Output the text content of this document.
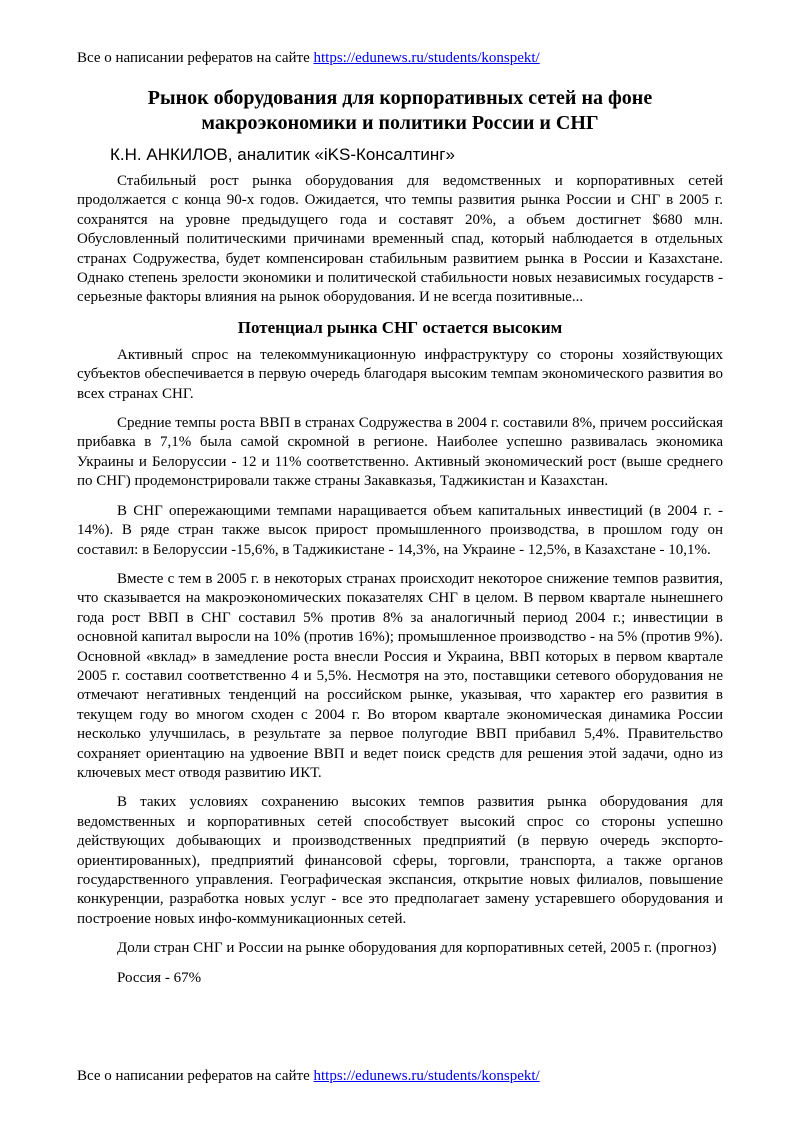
Все о написании рефератов на сайте https://edunews.ru/students/konspekt/
Рынок оборудования для корпоративных сетей на фоне макроэкономики и политики России и СНГ
К.Н. АНКИЛОВ, аналитик «iKS-Консалтинг»

Стабильный рост рынка оборудования для ведомственных и корпоративных сетей продолжается с конца 90-х годов. Ожидается, что темпы развития рынка России и СНГ в 2005 г. сохранятся на уровне предыдущего года и составят 20%, а объем достигнет $680 млн. Обусловленный политическими причинами временный спад, который наблюдается в отдельных странах Содружества, будет компенсирован стабильным развитием рынка в России и Казахстане. Однако степень зрелости экономики и политической стабильности новых независимых государств - серьезные факторы влияния на рынок оборудования. И не всегда позитивные...

Потенциал рынка СНГ остается высоким

Активный спрос на телекоммуникационную инфраструктуру со стороны хозяйствующих субъектов обеспечивается в первую очередь благодаря высоким темпам экономического развития во всех странах СНГ.

Средние темпы роста ВВП в странах Содружества в 2004 г. составили 8%, причем российская прибавка в 7,1% была самой скромной в регионе. Наиболее успешно развивалась экономика Украины и Белоруссии - 12 и 11% соответственно. Активный экономический рост (выше среднего по СНГ) продемонстрировали также страны Закавказья, Таджикистан и Казахстан.

В СНГ опережающими темпами наращивается объем капитальных инвестиций (в 2004 г. - 14%). В ряде стран также высок прирост промышленного производства, в прошлом году он составил: в Белоруссии -15,6%, в Таджикистане - 14,3%, на Украине - 12,5%, в Казахстане - 10,1%.

Вместе с тем в 2005 г. в некоторых странах происходит некоторое снижение темпов развития, что сказывается на макроэкономических показателях СНГ в целом. В первом квартале нынешнего года рост ВВП в СНГ составил 5% против 8% за аналогичный период 2004 г.; инвестиции в основной капитал выросли на 10% (против 16%); промышленное производство - на 5% (против 9%). Основной «вклад» в замедление роста внесли Россия и Украина, ВВП которых в первом квартале 2005 г. составил соответственно 4 и 5,5%. Несмотря на это, поставщики сетевого оборудования не отмечают негативных тенденций на российском рынке, указывая, что характер его развития в текущем году во многом сходен с 2004 г. Во втором квартале экономическая динамика России несколько улучшилась, в результате за первое полугодие ВВП прибавил 5,4%. Правительство сохраняет ориентацию на удвоение ВВП и ведет поиск средств для решения этой задачи, одно из ключевых мест отводя развитию ИКТ.

В таких условиях сохранению высоких темпов развития рынка оборудования для ведомственных и корпоративных сетей способствует высокий спрос со стороны успешно действующих добывающих и производственных предприятий (в первую очередь экспорто-ориентированных), предприятий финансовой сферы, торговли, транспорта, а также органов государственного управления. Географическая экспансия, открытие новых филиалов, повышение конкуренции, разработка новых услуг - все это предполагает замену устаревшего оборудования и построение новых инфо-коммуникационных сетей.

Доли стран СНГ и России на рынке оборудования для корпоративных сетей, 2005 г. (прогноз)

Россия - 67%

Все о написании рефератов на сайте https://edunews.ru/students/konspekt/
